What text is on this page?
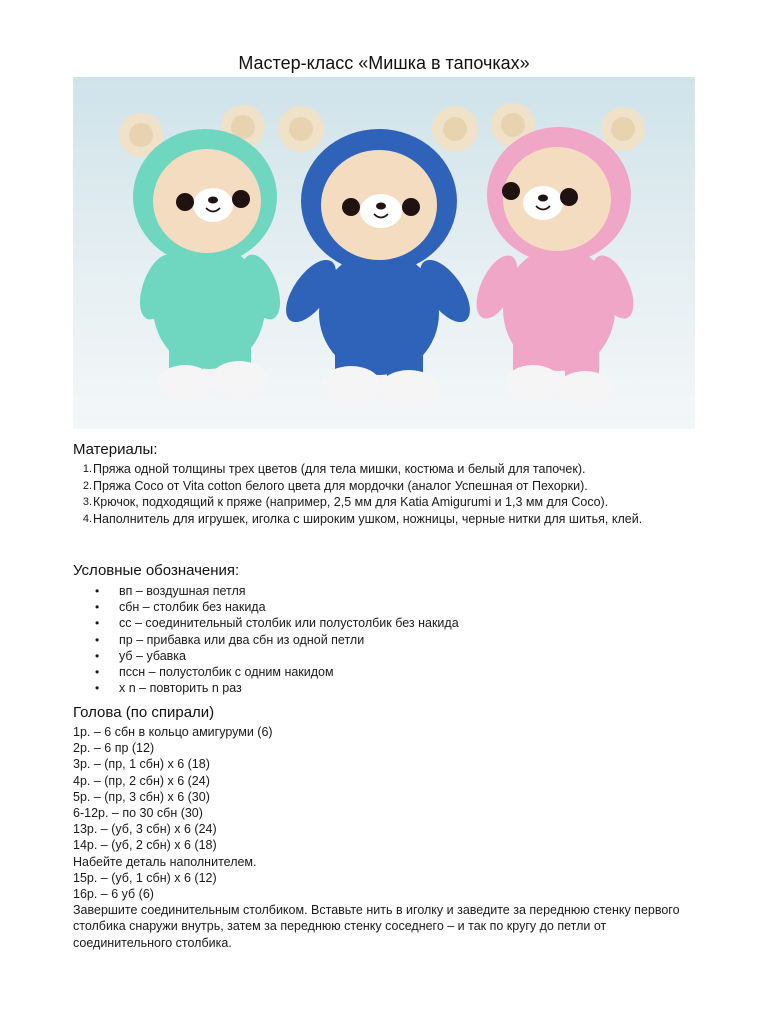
Мастер-класс «Мишка в тапочках»
Материалы:
Пряжа одной толщины трех цветов (для тела мишки, костюма и белый для тапочек).
Пряжа Coco от Vita cotton белого цвета для мордочки (аналог Успешная от Пехорки).
Крючок, подходящий к пряже (например, 2,5 мм для Katia Amigurumi и 1,3 мм для Coco).
Наполнитель для игрушек, иголка с широким ушком, ножницы, черные нитки для шитья, клей.
Условные обозначения:
• вп – воздушная петля
• сбн – столбик без накида
• сс – соединительный столбик или полустолбик без накида
• пр – прибавка или два сбн из одной петли
• уб – убавка
• пссн – полустолбик с одним накидом
• x n – повторить n раз
Голова (по спирали)
1р. – 6 сбн в кольцо амигуруми (6)
2р. – 6 пр (12)
3р. – (пр, 1 сбн) x 6 (18)
4р. – (пр, 2 сбн) x 6 (24)
5р. – (пр, 3 сбн) x 6 (30)
6-12р. – по 30 сбн (30)
13р. – (уб, 3 сбн) x 6 (24)
14р. – (уб, 2 сбн) x 6 (18)
Набейте деталь наполнителем.
15р. – (уб, 1 сбн) x 6 (12)
16р. – 6 уб (6)
Завершите соединительным столбиком. Вставьте нить в иголку и заведите за переднюю стенку первого столбика снаружи внутрь, затем за переднюю стенку соседнего – и так по кругу до петли от соединительного столбика.
